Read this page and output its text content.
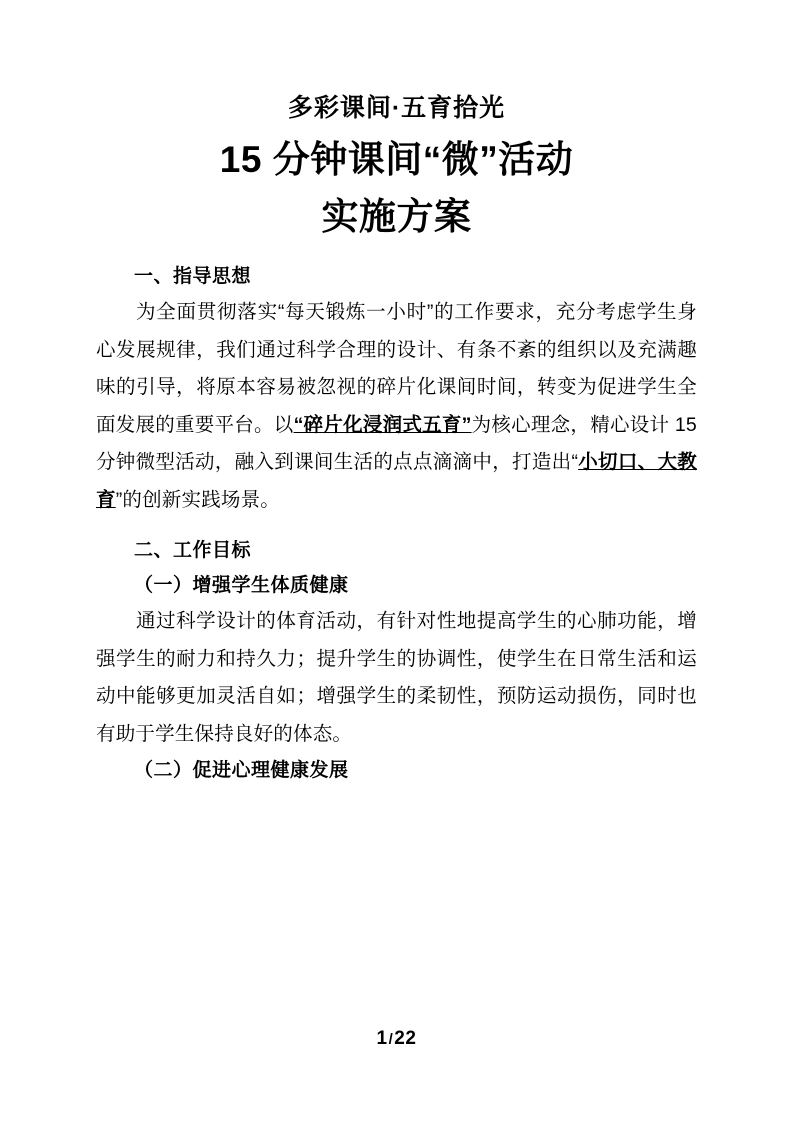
多彩课间·五育拾光
15 分钟课间“微”活动
实施方案
一、指导思想

为全面贯彻落实“每天锻炼一小时”的工作要求，充分考虑学生身心发展规律，我们通过科学合理的设计、有条不紊的组织以及充满趣味的引导，将原本容易被忽视的碎片化课间时间，转变为促进学生全面发展的重要平台。以“碎片化浸润式五育”为核心理念，精心设计 15 分钟微型活动，融入到课间生活的点点滴滴中，打造出“小切口、大教育”的创新实践场景。

二、工作目标
（一）增强学生体质健康

通过科学设计的体育活动，有针对性地提高学生的心肺功能，增强学生的耐力和持久力；提升学生的协调性，使学生在日常生活和运动中能够更加灵活自如；增强学生的柔韧性，预防运动损伤，同时也有助于学生保持良好的体态。

（二）促进心理健康发展
1/22
